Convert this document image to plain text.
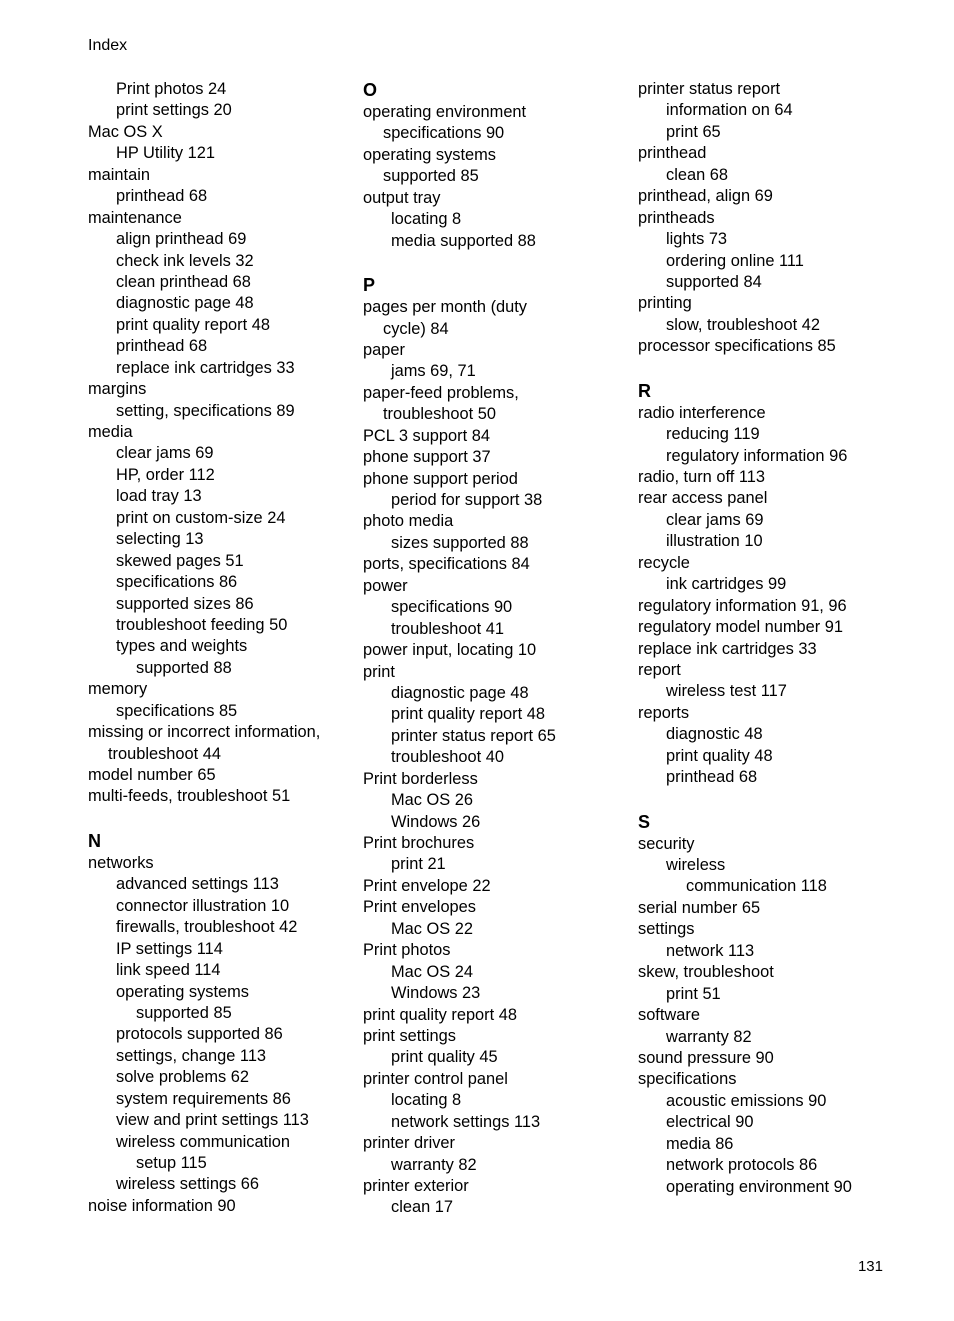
Index
Print photos 24
print settings 20
Mac OS X
HP Utility 121
maintain
printhead 68
maintenance
align printhead 69
check ink levels 32
clean printhead 68
diagnostic page 48
print quality report 48
printhead 68
replace ink cartridges 33
margins
setting, specifications 89
media
clear jams 69
HP, order 112
load tray 13
print on custom-size 24
selecting 13
skewed pages 51
specifications 86
supported sizes 86
troubleshoot feeding 50
types and weights
supported 88
memory
specifications 85
missing or incorrect information,
troubleshoot 44
model number 65
multi-feeds, troubleshoot 51
N
networks
advanced settings 113
connector illustration 10
firewalls, troubleshoot 42
IP settings 114
link speed 114
operating systems
supported 85
protocols supported 86
settings, change 113
solve problems 62
system requirements 86
view and print settings 113
wireless communication
setup 115
wireless settings 66
noise information 90
O
operating environment
specifications 90
operating systems
supported 85
output tray
locating 8
media supported 88
P
pages per month (duty
cycle) 84
paper
jams 69, 71
paper-feed problems,
troubleshoot 50
PCL 3 support 84
phone support 37
phone support period
period for support 38
photo media
sizes supported 88
ports, specifications 84
power
specifications 90
troubleshoot 41
power input, locating 10
print
diagnostic page 48
print quality report 48
printer status report 65
troubleshoot 40
Print borderless
Mac OS 26
Windows 26
Print brochures
print 21
Print envelope 22
Print envelopes
Mac OS 22
Print photos
Mac OS 24
Windows 23
print quality report 48
print settings
print quality 45
printer control panel
locating 8
network settings 113
printer driver
warranty 82
printer exterior
clean 17
printer status report
information on 64
print 65
printhead
clean 68
printhead, align 69
printheads
lights 73
ordering online 111
supported 84
printing
slow, troubleshoot 42
processor specifications 85
R
radio interference
reducing 119
regulatory information 96
radio, turn off 113
rear access panel
clear jams 69
illustration 10
recycle
ink cartridges 99
regulatory information 91, 96
regulatory model number 91
replace ink cartridges 33
report
wireless test 117
reports
diagnostic 48
print quality 48
printhead 68
S
security
wireless
communication 118
serial number 65
settings
network 113
skew, troubleshoot
print 51
software
warranty 82
sound pressure 90
specifications
acoustic emissions 90
electrical 90
media 86
network protocols 86
operating environment 90
131
